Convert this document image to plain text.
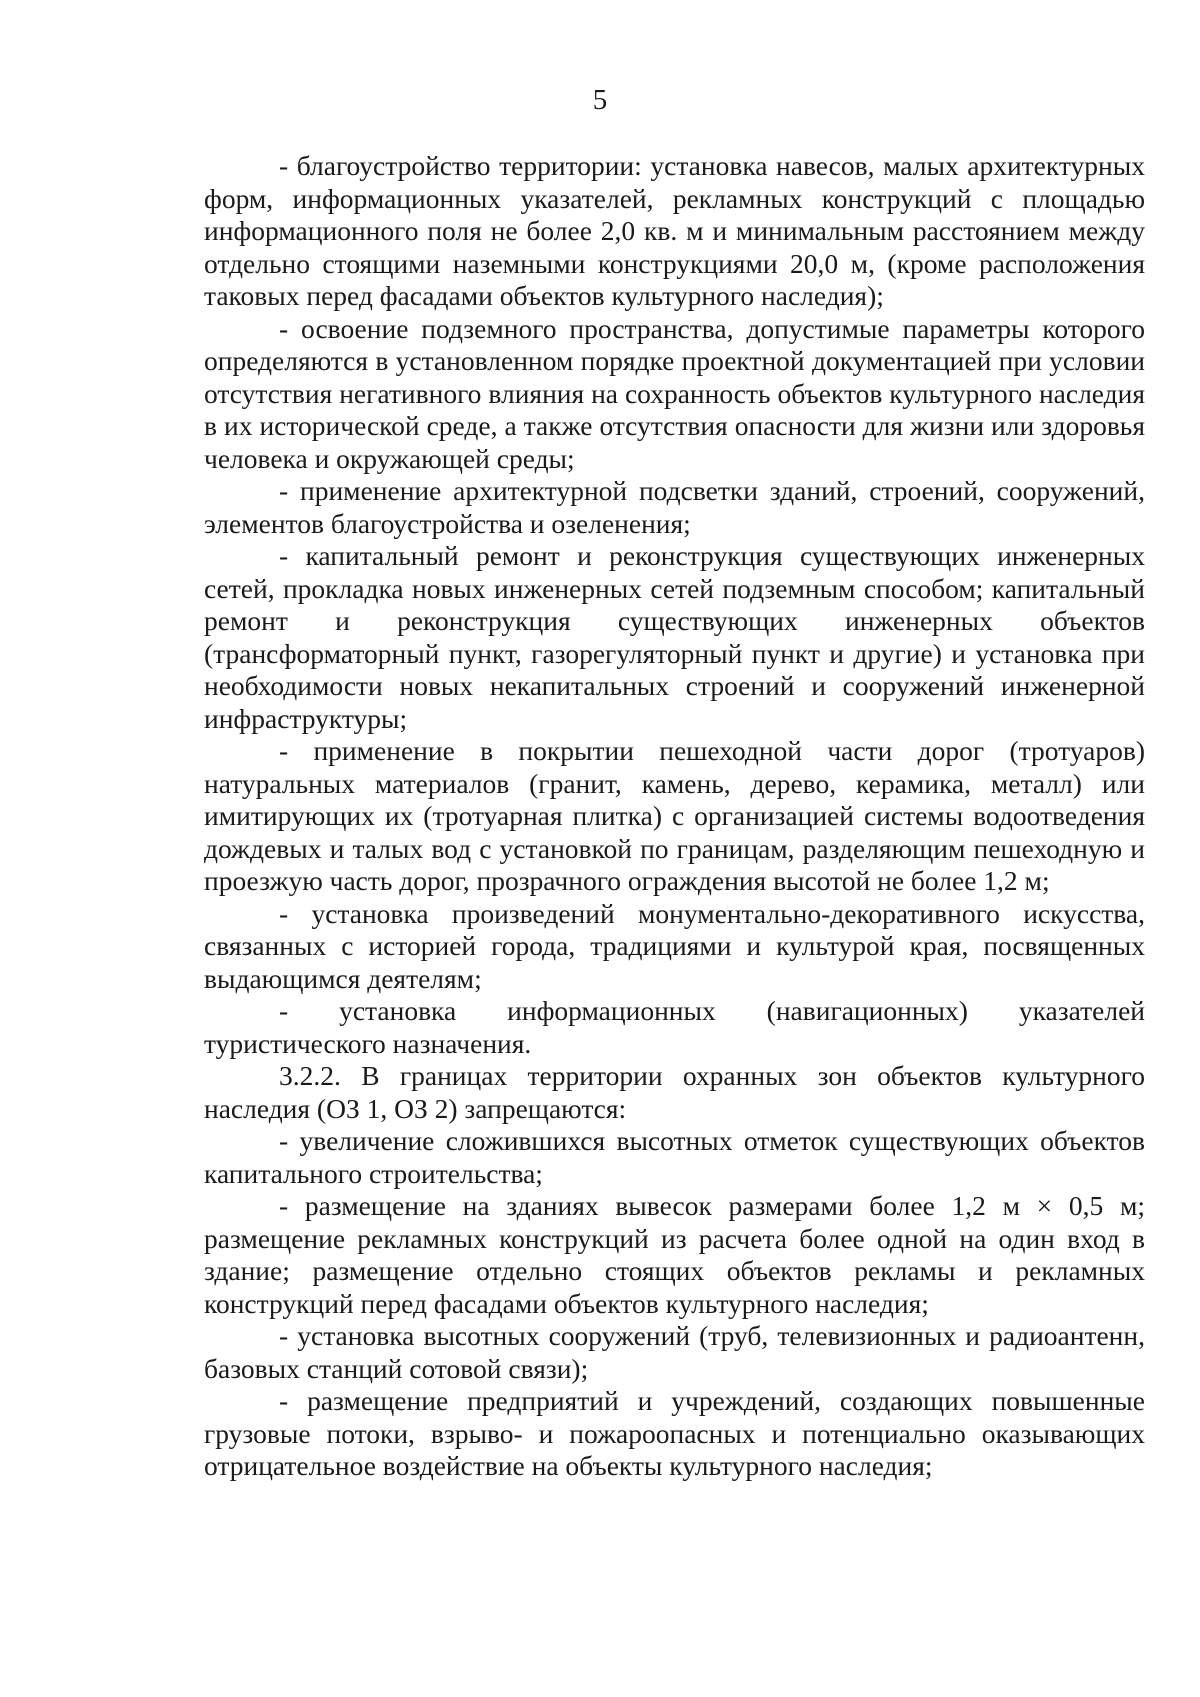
5

- благоустройство территории: установка навесов, малых архитектурных форм, информационных указателей, рекламных конструкций с площадью информационного поля не более 2,0 кв. м и минимальным расстоянием между отдельно стоящими наземными конструкциями 20,0 м, (кроме расположения таковых перед фасадами объектов культурного наследия);

- освоение подземного пространства, допустимые параметры которого определяются в установленном порядке проектной документацией при условии отсутствия негативного влияния на сохранность объектов культурного наследия в их исторической среде, а также отсутствия опасности для жизни или здоровья человека и окружающей среды;

- применение архитектурной подсветки зданий, строений, сооружений, элементов благоустройства и озеленения;

- капитальный ремонт и реконструкция существующих инженерных сетей, прокладка новых инженерных сетей подземным способом; капитальный ремонт и реконструкция существующих инженерных объектов (трансформаторный пункт, газорегуляторный пункт и другие) и установка при необходимости новых некапитальных строений и сооружений инженерной инфраструктуры;

- применение в покрытии пешеходной части дорог (тротуаров) натуральных материалов (гранит, камень, дерево, керамика, металл) или имитирующих их (тротуарная плитка) с организацией системы водоотведения дождевых и талых вод с установкой по границам, разделяющим пешеходную и проезжую часть дорог, прозрачного ограждения высотой не более 1,2 м;

- установка произведений монументально-декоративного искусства, связанных с историей города, традициями и культурой края, посвященных выдающимся деятелям;

- установка информационных (навигационных) указателей туристического назначения.

3.2.2. В границах территории охранных зон объектов культурного наследия (ОЗ 1, ОЗ 2) запрещаются:

- увеличение сложившихся высотных отметок существующих объектов капитального строительства;

- размещение на зданиях вывесок размерами более 1,2 м × 0,5 м; размещение рекламных конструкций из расчета более одной на один вход в здание; размещение отдельно стоящих объектов рекламы и рекламных конструкций перед фасадами объектов культурного наследия;

- установка высотных сооружений (труб, телевизионных и радиоантенн, базовых станций сотовой связи);

- размещение предприятий и учреждений, создающих повышенные грузовые потоки, взрыво- и пожароопасных и потенциально оказывающих отрицательное воздействие на объекты культурного наследия;
